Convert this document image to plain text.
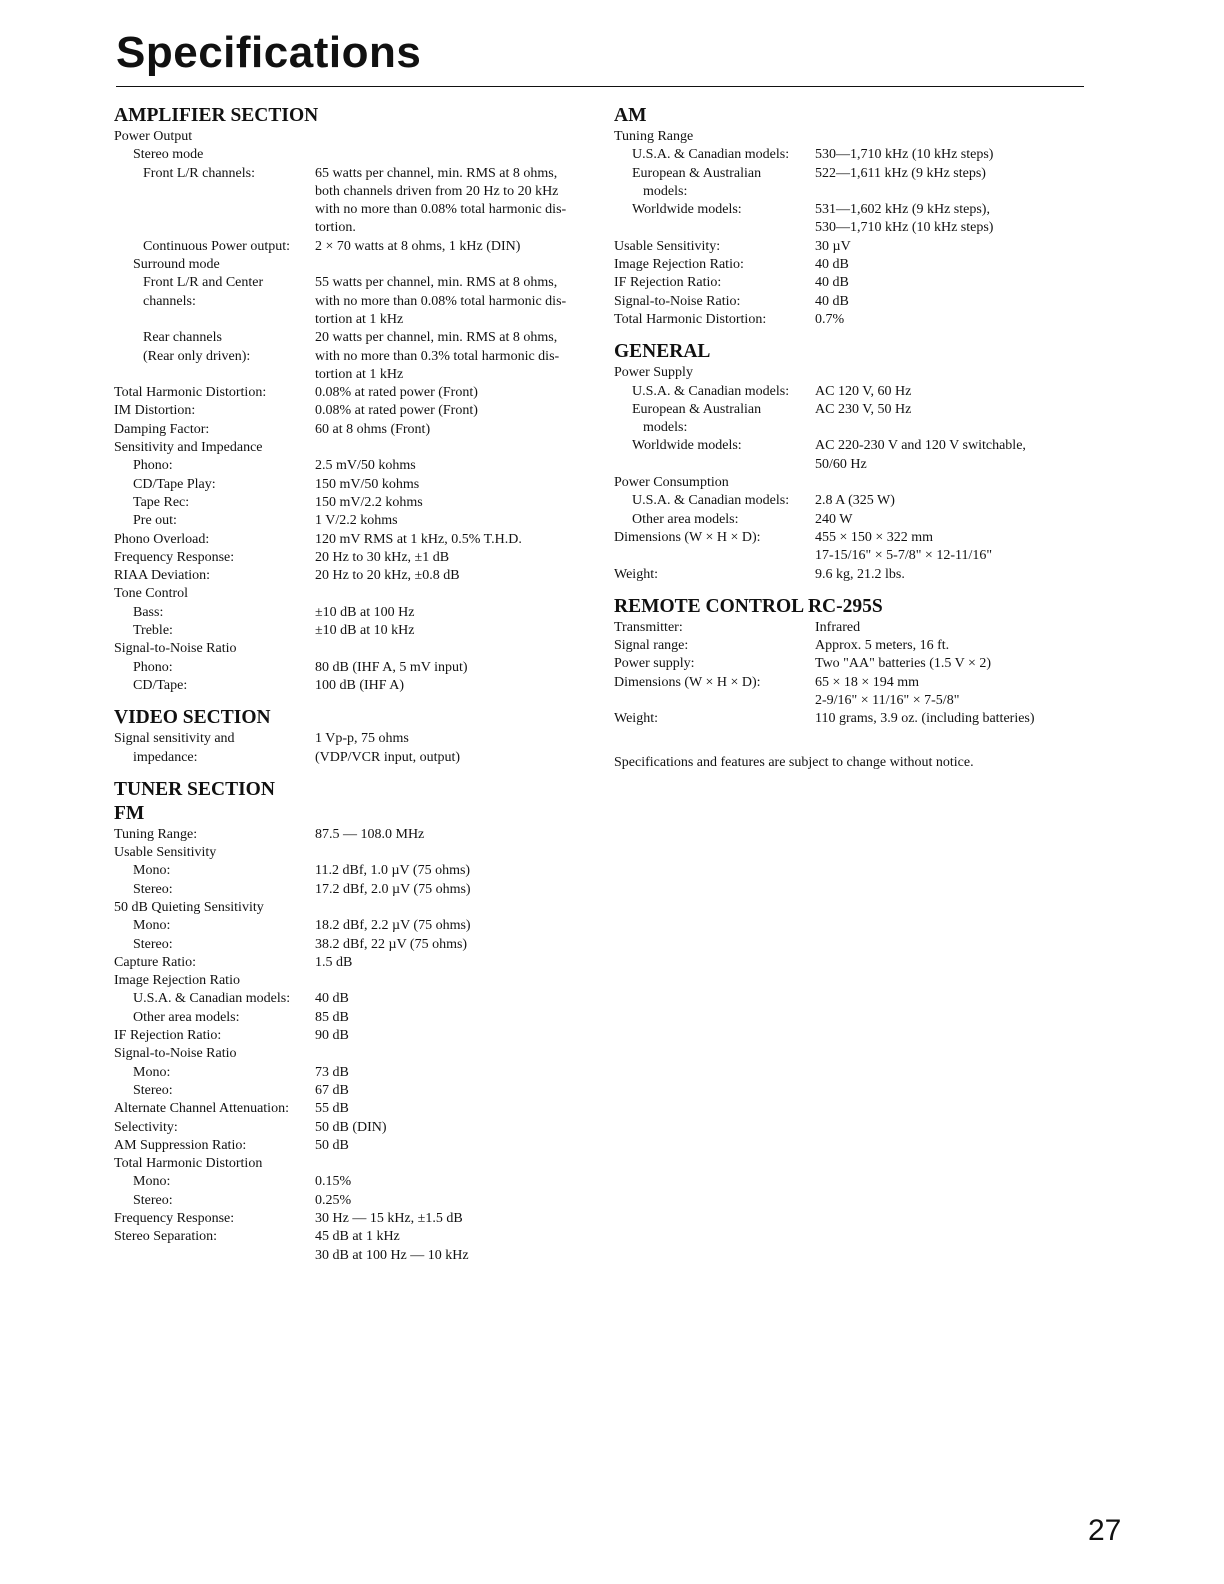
Specifications
AMPLIFIER SECTION
Power Output
Stereo mode
Front L/R channels:	65 watts per channel, min. RMS at 8 ohms,
both channels driven from 20 Hz to 20 kHz
with no more than 0.08% total harmonic dis-
tortion.
Continuous Power output:	2 × 70 watts at 8 ohms, 1 kHz (DIN)
Surround mode
Front L/R and Center	55 watts per channel, min. RMS at 8 ohms,
channels:	with no more than 0.08% total harmonic dis-
tortion at 1 kHz
Rear channels	20 watts per channel, min. RMS at 8 ohms,
(Rear only driven):	with no more than 0.3% total harmonic dis-
tortion at 1 kHz
Total Harmonic Distortion:	0.08% at rated power (Front)
IM Distortion:	0.08% at rated power (Front)
Damping Factor:	60 at 8 ohms (Front)
Sensitivity and Impedance
Phono:	2.5 mV/50 kohms
CD/Tape Play:	150 mV/50 kohms
Tape Rec:	150 mV/2.2 kohms
Pre out:	1 V/2.2 kohms
Phono Overload:	120 mV RMS at 1 kHz, 0.5% T.H.D.
Frequency Response:	20 Hz to 30 kHz, ±1 dB
RIAA Deviation:	20 Hz to 20 kHz, ±0.8 dB
Tone Control
Bass:	±10 dB at 100 Hz
Treble:	±10 dB at 10 kHz
Signal-to-Noise Ratio
Phono:	80 dB (IHF A, 5 mV input)
CD/Tape:	100 dB (IHF A)
VIDEO SECTION
Signal sensitivity and	1 Vp-p, 75 ohms
impedance:	(VDP/VCR input, output)
TUNER SECTION
FM
Tuning Range:	87.5 — 108.0 MHz
Usable Sensitivity
Mono:	11.2 dBf, 1.0 µV (75 ohms)
Stereo:	17.2 dBf, 2.0 µV (75 ohms)
50 dB Quieting Sensitivity
Mono:	18.2 dBf, 2.2 µV (75 ohms)
Stereo:	38.2 dBf, 22 µV (75 ohms)
Capture Ratio:	1.5 dB
Image Rejection Ratio
U.S.A. & Canadian models:	40 dB
Other area models:	85 dB
IF Rejection Ratio:	90 dB
Signal-to-Noise Ratio
Mono:	73 dB
Stereo:	67 dB
Alternate Channel Attenuation:	55 dB
Selectivity:	50 dB (DIN)
AM Suppression Ratio:	50 dB
Total Harmonic Distortion
Mono:	0.15%
Stereo:	0.25%
Frequency Response:	30 Hz — 15 kHz, ±1.5 dB
Stereo Separation:	45 dB at 1 kHz
30 dB at 100 Hz — 10 kHz
AM
Tuning Range
U.S.A. & Canadian models:	530—1,710 kHz (10 kHz steps)
European & Australian	522—1,611 kHz (9 kHz steps)
models:
Worldwide models:	531—1,602 kHz (9 kHz steps),
530—1,710 kHz (10 kHz steps)
Usable Sensitivity:	30 µV
Image Rejection Ratio:	40 dB
IF Rejection Ratio:	40 dB
Signal-to-Noise Ratio:	40 dB
Total Harmonic Distortion:	0.7%
GENERAL
Power Supply
U.S.A. & Canadian models:	AC 120 V, 60 Hz
European & Australian	AC 230 V, 50 Hz
models:
Worldwide models:	AC 220-230 V and 120 V switchable,
50/60 Hz
Power Consumption
U.S.A. & Canadian models:	2.8 A (325 W)
Other area models:	240 W
Dimensions (W × H × D):	455 × 150 × 322 mm
17-15/16" × 5-7/8" × 12-11/16"
Weight:	9.6 kg, 21.2 lbs.
REMOTE CONTROL RC-295S
Transmitter:	Infrared
Signal range:	Approx. 5 meters, 16 ft.
Power supply:	Two "AA" batteries (1.5 V × 2)
Dimensions (W × H × D):	65 × 18 × 194 mm
2-9/16" × 11/16" × 7-5/8"
Weight:	110 grams, 3.9 oz. (including batteries)
Specifications and features are subject to change without notice.
27
